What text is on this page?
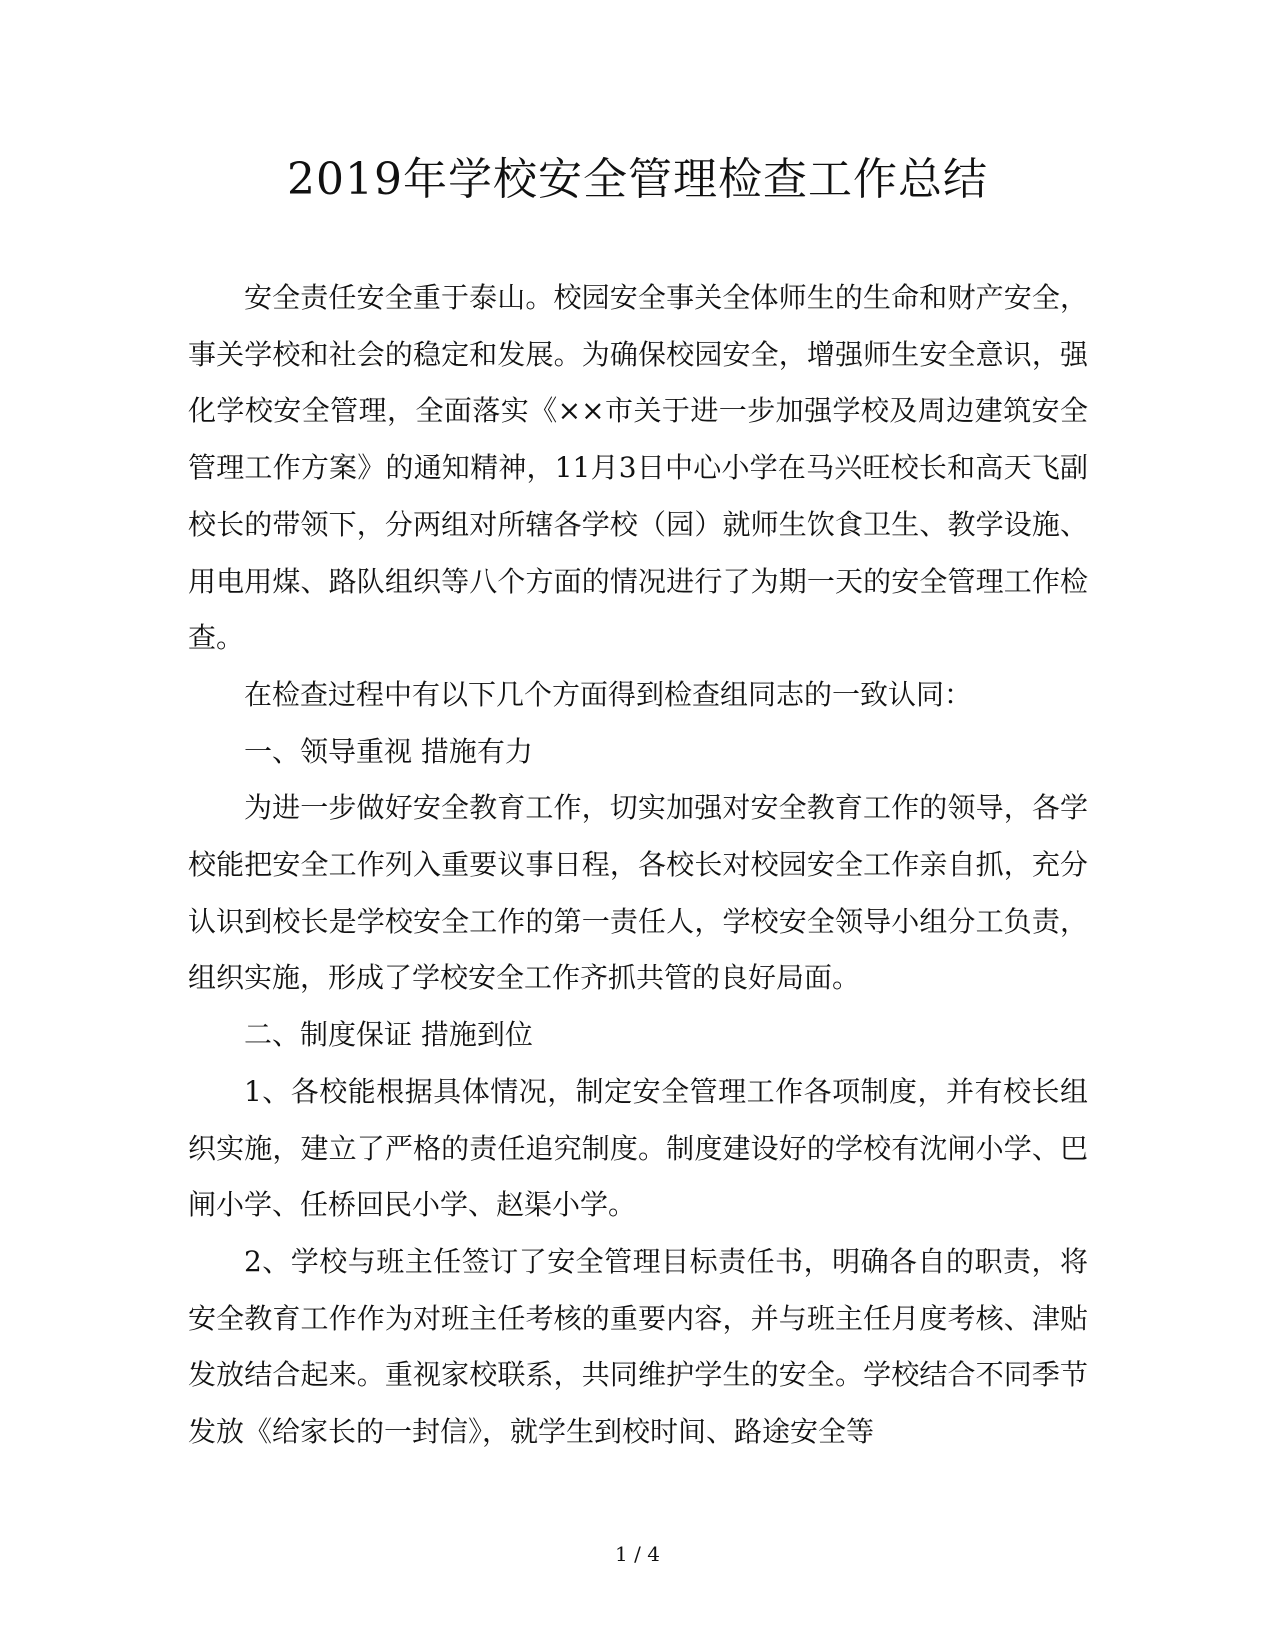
2019年学校安全管理检查工作总结

安全责任安全重于泰山。校园安全事关全体师生的生命和财产安全，事关学校和社会的稳定和发展。为确保校园安全，增强师生安全意识，强化学校安全管理，全面落实《××市关于进一步加强学校及周边建筑安全管理工作方案》的通知精神，11月3日中心小学在马兴旺校长和高天飞副校长的带领下，分两组对所辖各学校（园）就师生饮食卫生、教学设施、用电用煤、路队组织等八个方面的情况进行了为期一天的安全管理工作检查。

在检查过程中有以下几个方面得到检查组同志的一致认同：

一、领导重视 措施有力

为进一步做好安全教育工作，切实加强对安全教育工作的领导，各学校能把安全工作列入重要议事日程，各校长对校园安全工作亲自抓，充分认识到校长是学校安全工作的第一责任人，学校安全领导小组分工负责，组织实施，形成了学校安全工作齐抓共管的良好局面。

二、制度保证 措施到位

1、各校能根据具体情况，制定安全管理工作各项制度，并有校长组织实施，建立了严格的责任追究制度。制度建设好的学校有沈闸小学、巴闸小学、任桥回民小学、赵渠小学。

2、学校与班主任签订了安全管理目标责任书，明确各自的职责，将安全教育工作作为对班主任考核的重要内容，并与班主任月度考核、津贴发放结合起来。重视家校联系，共同维护学生的安全。学校结合不同季节发放《给家长的一封信》，就学生到校时间、路途安全等

1 / 4
